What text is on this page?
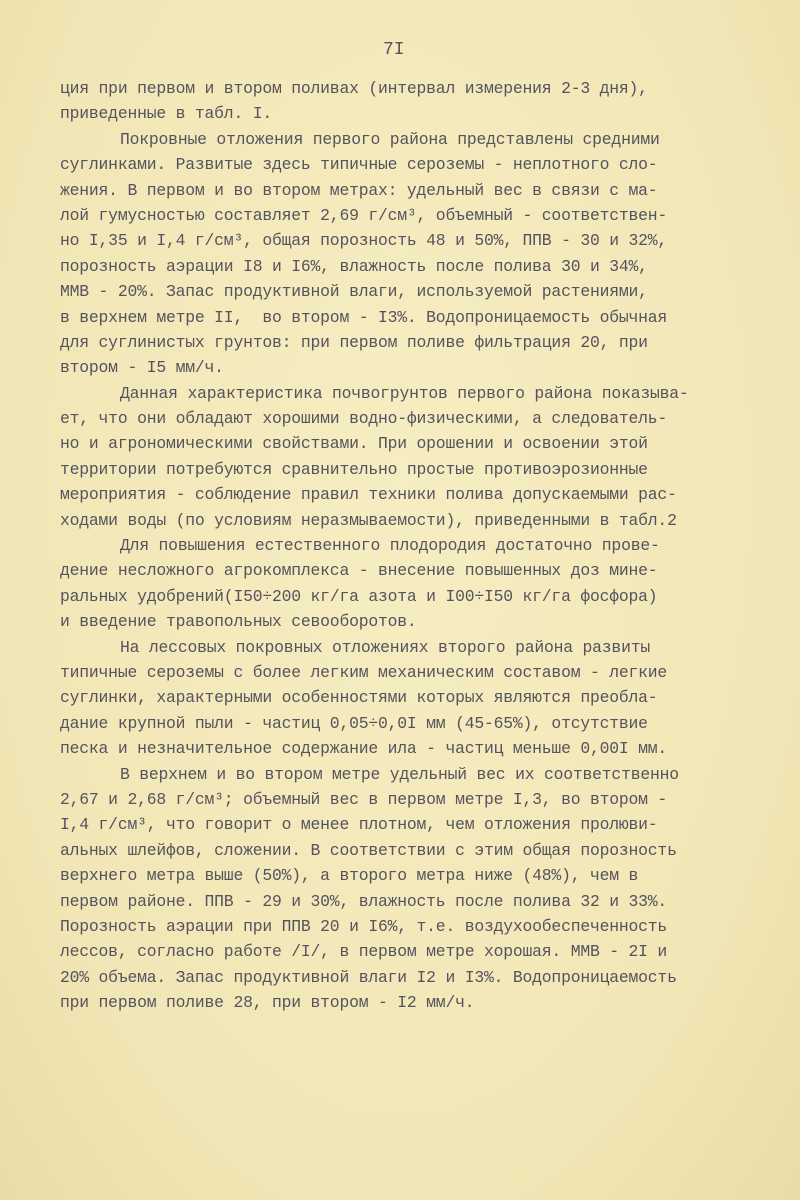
7I
ция при первом и втором поливах (интервал измерения 2-3 дня),
приведенные в табл. I.
Покровные отложения первого района представлены средними
суглинками. Развитые здесь типичные сероземы - неплотного сло-
жения. В первом и во втором метрах: удельный вес в связи с ма-
лой гумусностью составляет 2,69 г/см³, объемный - соответствен-
но I,35 и I,4 г/см³, общая порозность 48 и 50%, ППВ - 30 и 32%,
порозность аэрации I8 и I6%, влажность после полива 30 и 34%,
ММВ - 20%. Запас продуктивной влаги, используемой растениями,
в верхнем метре II,  во втором - I3%. Водопроницаемость обычная
для суглинистых грунтов: при первом поливе фильтрация 20, при
втором - I5 мм/ч.
Данная характеристика почвогрунтов первого района показыва-
ет, что они обладают хорошими водно-физическими, а следователь-
но и агрономическими свойствами. При орошении и освоении этой
территории потребуются сравнительно простые противоэрозионные
мероприятия - соблюдение правил техники полива допускаемыми рас-
ходами воды (по условиям неразмываемости), приведенными в табл.2
Для повышения естественного плодородия достаточно прове-
дение несложного агрокомплекса - внесение повышенных доз мине-
ральных удобрений(I50÷200 кг/га азота и I00÷I50 кг/га фосфора)
и введение травопольных севооборотов.
На лессовых покровных отложениях второго района развиты
типичные сероземы с более легким механическим составом - легкие
суглинки, характерными особенностями которых являются преобла-
дание крупной пыли - частиц 0,05÷0,0I мм (45-65%), отсутствие
песка и незначительное содержание ила - частиц меньше 0,00I мм.
В верхнем и во втором метре удельный вес их соответственно
2,67 и 2,68 г/см³; объемный вес в первом метре I,3, во втором -
I,4 г/см³, что говорит о менее плотном, чем отложения пролюви-
альных шлейфов, сложении. В соответствии с этим общая порозность
верхнего метра выше (50%), а второго метра ниже (48%), чем в
первом районе. ППВ - 29 и 30%, влажность после полива 32 и 33%.
Порозность аэрации при ППВ 20 и I6%, т.е. воздухообеспеченность
лессов, согласно работе /I/, в первом метре хорошая. ММВ - 2I и
20% объема. Запас продуктивной влаги I2 и I3%. Водопроницаемость
при первом поливе 28, при втором - I2 мм/ч.
